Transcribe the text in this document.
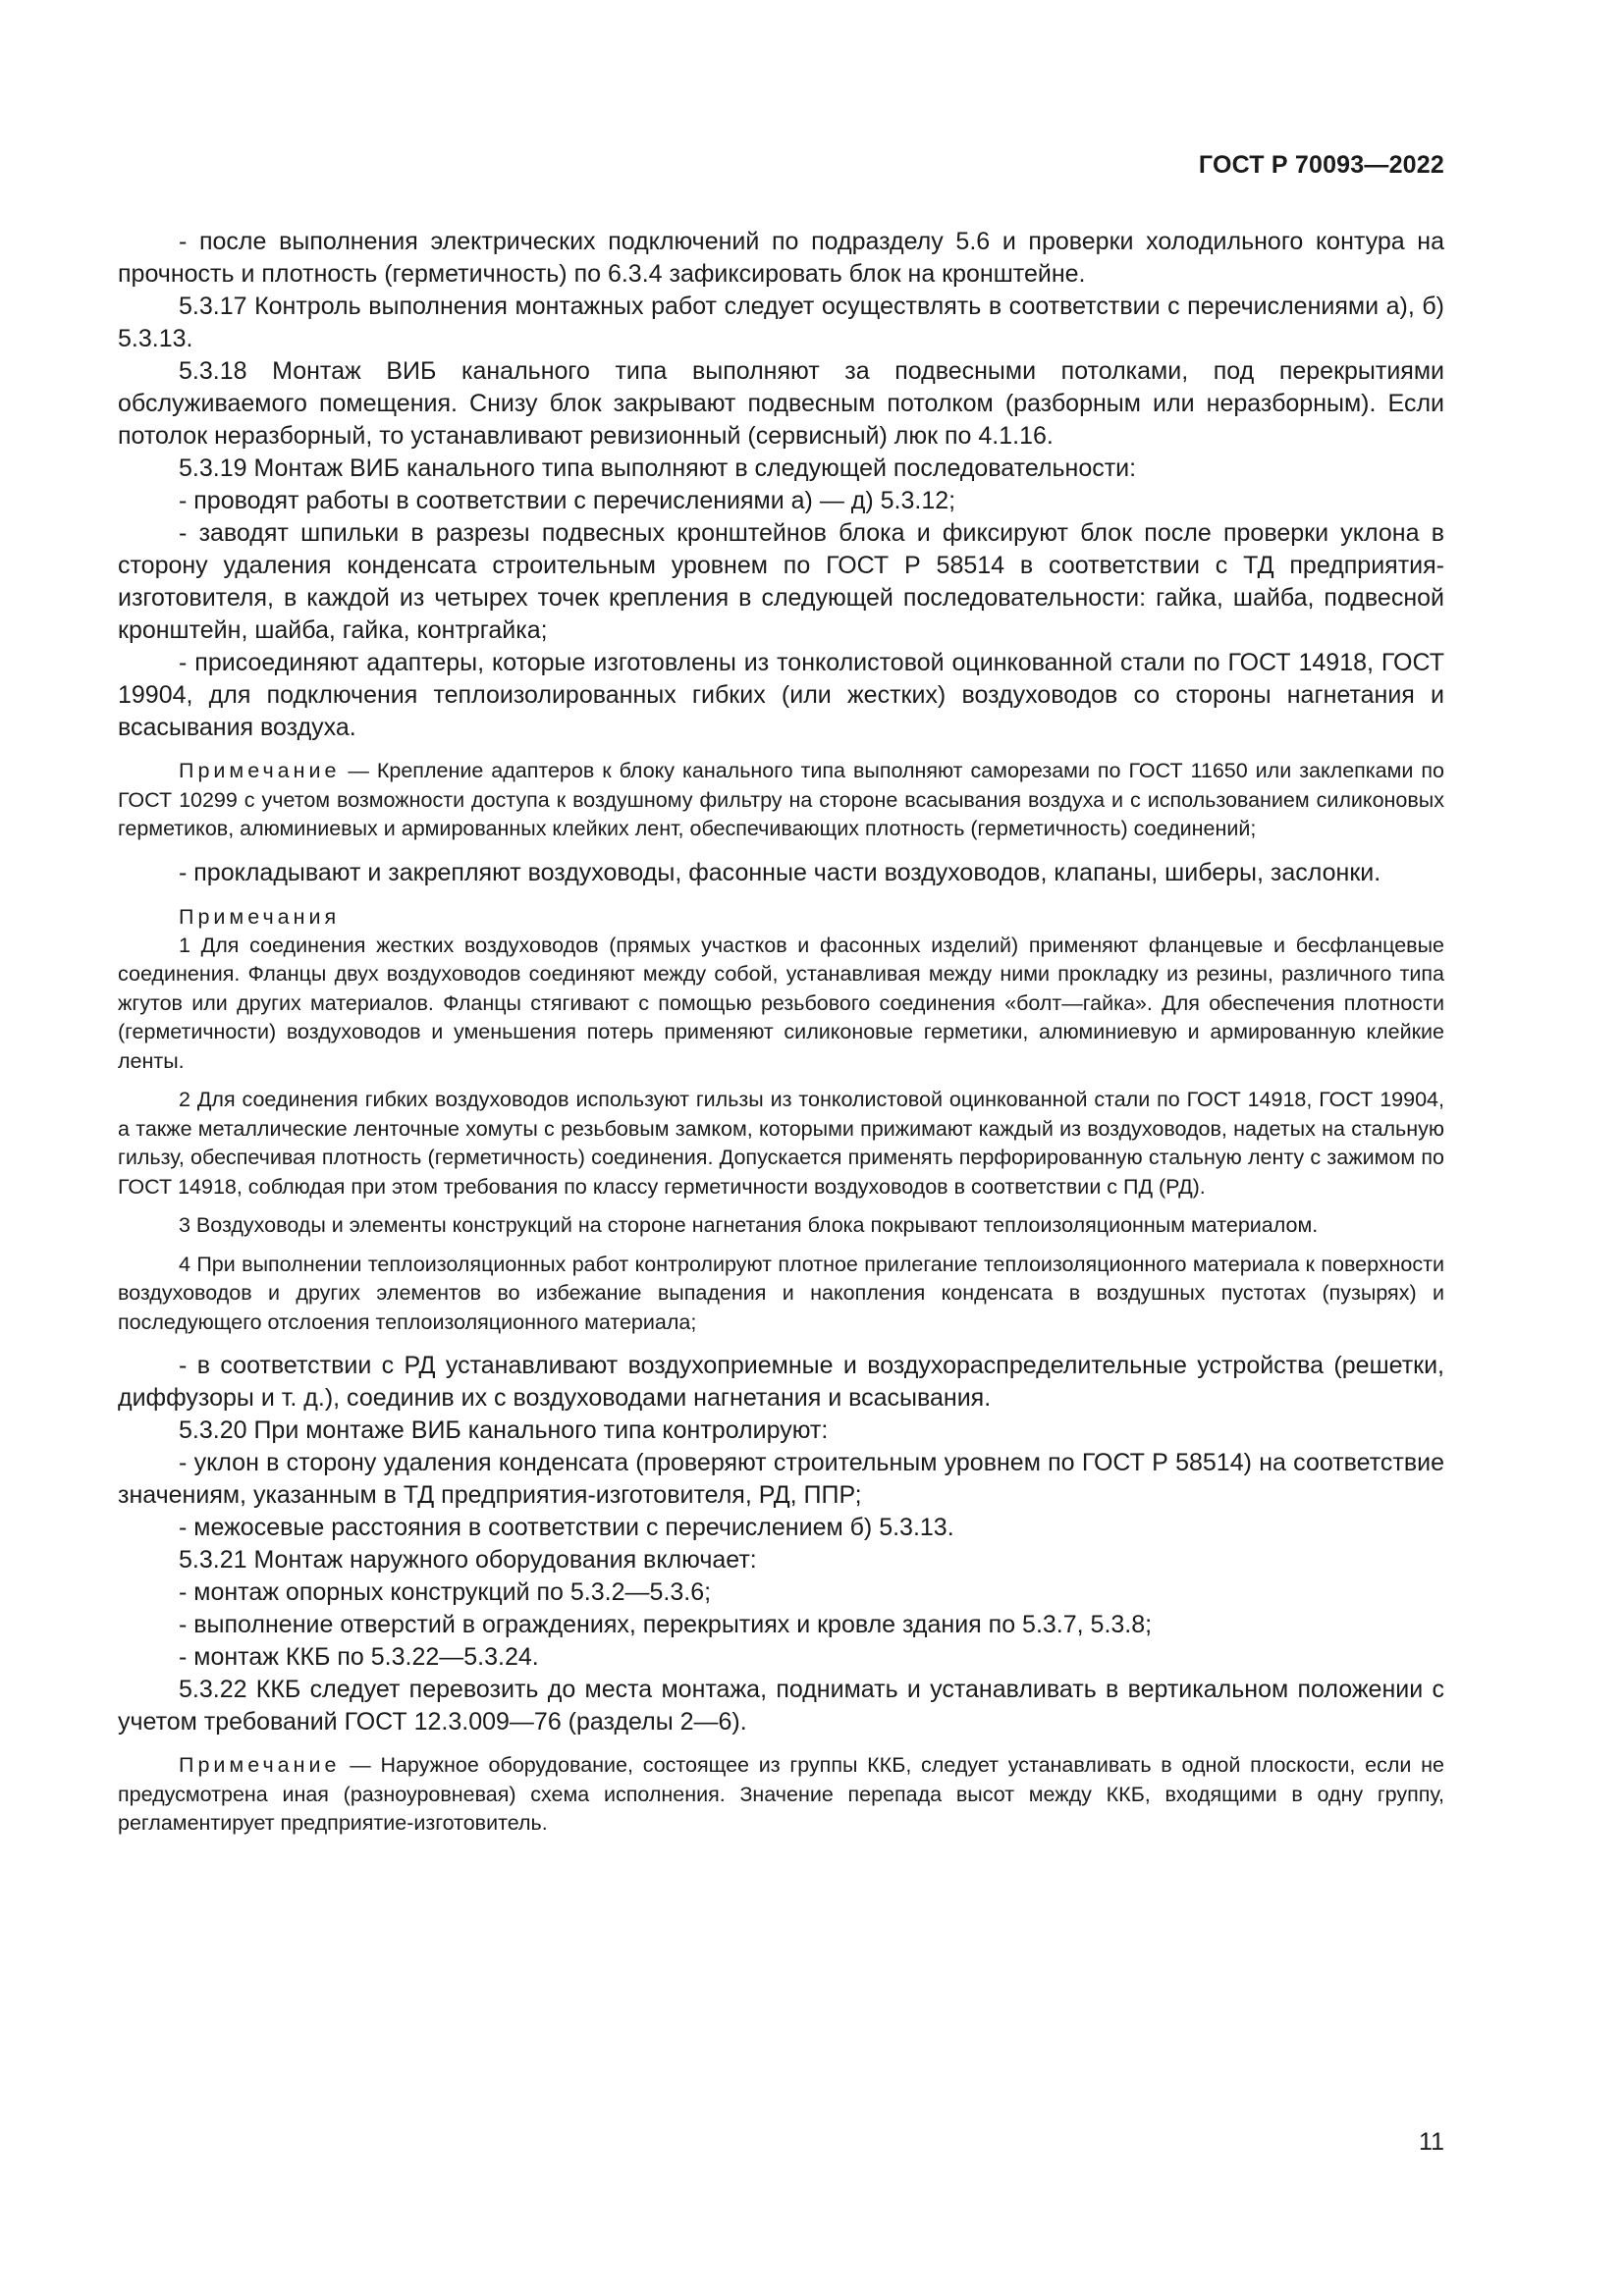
ГОСТ Р 70093—2022

- после выполнения электрических подключений по подразделу 5.6 и проверки холодильного контура на прочность и плотность (герметичность) по 6.3.4 зафиксировать блок на кронштейне.

5.3.17 Контроль выполнения монтажных работ следует осуществлять в соответствии с перечислениями а), б) 5.3.13.

5.3.18 Монтаж ВИБ канального типа выполняют за подвесными потолками, под перекрытиями обслуживаемого помещения. Снизу блок закрывают подвесным потолком (разборным или неразборным). Если потолок неразборный, то устанавливают ревизионный (сервисный) люк по 4.1.16.

5.3.19 Монтаж ВИБ канального типа выполняют в следующей последовательности:

- проводят работы в соответствии с перечислениями а) — д) 5.3.12;

- заводят шпильки в разрезы подвесных кронштейнов блока и фиксируют блок после проверки уклона в сторону удаления конденсата строительным уровнем по ГОСТ Р 58514 в соответствии с ТД предприятия-изготовителя, в каждой из четырех точек крепления в следующей последовательности: гайка, шайба, подвесной кронштейн, шайба, гайка, контргайка;

- присоединяют адаптеры, которые изготовлены из тонколистовой оцинкованной стали по ГОСТ 14918, ГОСТ 19904, для подключения теплоизолированных гибких (или жестких) воздуховодов со стороны нагнетания и всасывания воздуха.

Примечание — Крепление адаптеров к блоку канального типа выполняют саморезами по ГОСТ 11650 или заклепками по ГОСТ 10299 с учетом возможности доступа к воздушному фильтру на стороне всасывания воздуха и с использованием силиконовых герметиков, алюминиевых и армированных клейких лент, обеспечивающих плотность (герметичность) соединений;

- прокладывают и закрепляют воздуховоды, фасонные части воздуховодов, клапаны, шиберы, заслонки.

Примечания

1 Для соединения жестких воздуховодов (прямых участков и фасонных изделий) применяют фланцевые и бесфланцевые соединения. Фланцы двух воздуховодов соединяют между собой, устанавливая между ними прокладку из резины, различного типа жгутов или других материалов. Фланцы стягивают с помощью резьбового соединения «болт—гайка». Для обеспечения плотности (герметичности) воздуховодов и уменьшения потерь применяют силиконовые герметики, алюминиевую и армированную клейкие ленты.

2 Для соединения гибких воздуховодов используют гильзы из тонколистовой оцинкованной стали по ГОСТ 14918, ГОСТ 19904, а также металлические ленточные хомуты с резьбовым замком, которыми прижимают каждый из воздуховодов, надетых на стальную гильзу, обеспечивая плотность (герметичность) соединения. Допускается применять перфорированную стальную ленту с зажимом по ГОСТ 14918, соблюдая при этом требования по классу герметичности воздуховодов в соответствии с ПД (РД).

3 Воздуховоды и элементы конструкций на стороне нагнетания блока покрывают теплоизоляционным материалом.

4 При выполнении теплоизоляционных работ контролируют плотное прилегание теплоизоляционного материала к поверхности воздуховодов и других элементов во избежание выпадения и накопления конденсата в воздушных пустотах (пузырях) и последующего отслоения теплоизоляционного материала;

- в соответствии с РД устанавливают воздухоприемные и воздухораспределительные устройства (решетки, диффузоры и т. д.), соединив их с воздуховодами нагнетания и всасывания.

5.3.20 При монтаже ВИБ канального типа контролируют:

- уклон в сторону удаления конденсата (проверяют строительным уровнем по ГОСТ Р 58514) на соответствие значениям, указанным в ТД предприятия-изготовителя, РД, ППР;

- межосевые расстояния в соответствии с перечислением б) 5.3.13.

5.3.21 Монтаж наружного оборудования включает:

- монтаж опорных конструкций по 5.3.2—5.3.6;

- выполнение отверстий в ограждениях, перекрытиях и кровле здания по 5.3.7, 5.3.8;

- монтаж ККБ по 5.3.22—5.3.24.

5.3.22 ККБ следует перевозить до места монтажа, поднимать и устанавливать в вертикальном положении с учетом требований ГОСТ 12.3.009—76 (разделы 2—6).

Примечание — Наружное оборудование, состоящее из группы ККБ, следует устанавливать в одной плоскости, если не предусмотрена иная (разноуровневая) схема исполнения. Значение перепада высот между ККБ, входящими в одну группу, регламентирует предприятие-изготовитель.

11
